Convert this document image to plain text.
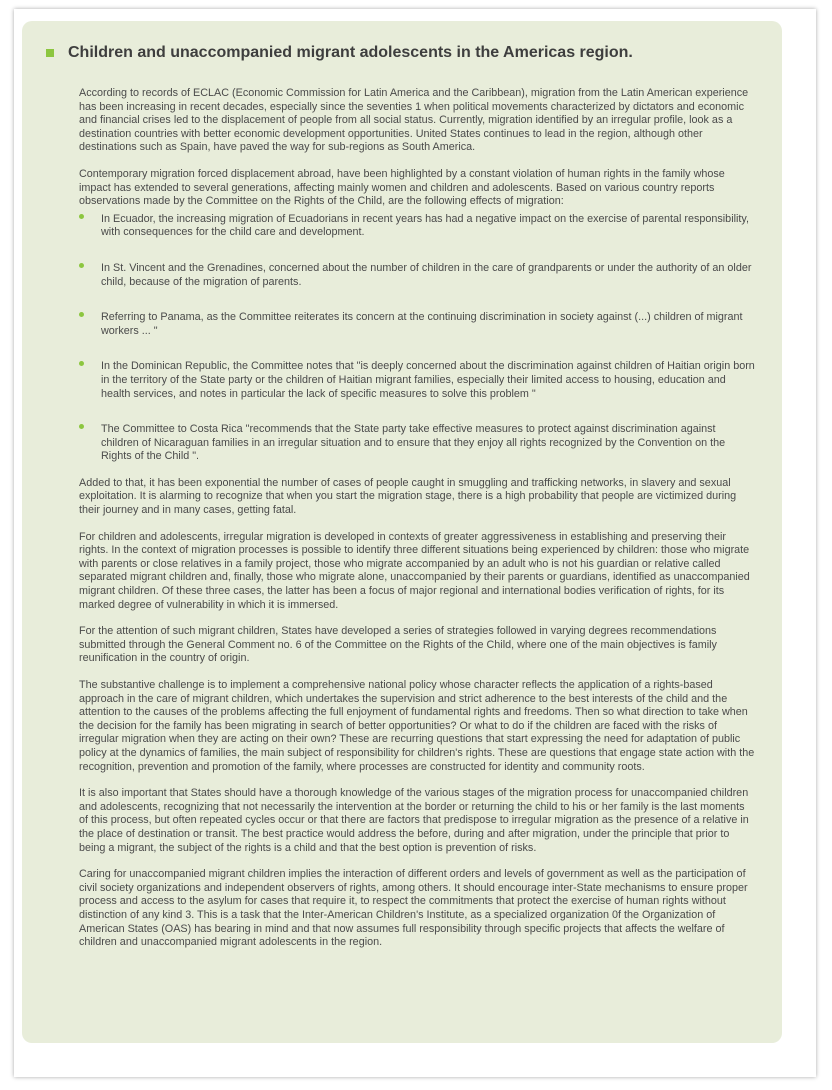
Children and unaccompanied migrant adolescents in the Americas region.

According to records of ECLAC (Economic Commission for Latin America and the Caribbean), migration from the Latin American experience has been increasing in recent decades, especially since the seventies 1 when political movements characterized by dictators and economic and financial crises led to the displacement of people from all social status. Currently, migration identified by an irregular profile, look as a destination countries with better economic development opportunities. United States continues to lead in the region, although other destinations such as Spain, have paved the way for sub-regions as South America.

Contemporary migration forced displacement abroad, have been highlighted by a constant violation of human rights in the family whose impact has extended to several generations, affecting mainly women and children and adolescents. Based on various country reports observations made by the Committee on the Rights of the Child, are the following effects of migration:

In Ecuador, the increasing migration of Ecuadorians in recent years has had a negative impact on the exercise of parental responsibility, with consequences for the child care and development.
In St. Vincent and the Grenadines, concerned about the number of children in the care of grandparents or under the authority of an older child, because of the migration of parents.
Referring to Panama, as the Committee reiterates its concern at the continuing discrimination in society against (...) children of migrant workers ... "
In the Dominican Republic, the Committee notes that "is deeply concerned about the discrimination against children of Haitian origin born in the territory of the State party or the children of Haitian migrant families, especially their limited access to housing, education and health services, and notes in particular the lack of specific measures to solve this problem "
The Committee to Costa Rica "recommends that the State party take effective measures to protect against discrimination against children of Nicaraguan families in an irregular situation and to ensure that they enjoy all rights recognized by the Convention on the Rights of the Child ".

Added to that, it has been exponential the number of cases of people caught in smuggling and trafficking networks, in slavery and sexual exploitation. It is alarming to recognize that when you start the migration stage, there is a high probability that people are victimized during their journey and in many cases, getting fatal.

For children and adolescents, irregular migration is developed in contexts of greater aggressiveness in establishing and preserving their rights. In the context of migration processes is possible to identify three different situations being experienced by children: those who migrate with parents or close relatives in a family project, those who migrate accompanied by an adult who is not his guardian or relative called separated migrant children and, finally, those who migrate alone, unaccompanied by their parents or guardians, identified as unaccompanied migrant children. Of these three cases, the latter has been a focus of major regional and international bodies verification of rights, for its marked degree of vulnerability in which it is immersed.

For the attention of such migrant children, States have developed a series of strategies followed in varying degrees recommendations submitted through the General Comment no. 6 of the Committee on the Rights of the Child, where one of the main objectives is family reunification in the country of origin.

The substantive challenge is to implement a comprehensive national policy whose character reflects the application of a rights-based approach in the care of migrant children, which undertakes the supervision and strict adherence to the best interests of the child and the attention to the causes of the problems affecting the full enjoyment of fundamental rights and freedoms. Then so what direction to take when the decision for the family has been migrating in search of better opportunities? Or what to do if the children are faced with the risks of irregular migration when they are acting on their own? These are recurring questions that start expressing the need for adaptation of public policy at the dynamics of families, the main subject of responsibility for children's rights. These are questions that engage state action with the recognition, prevention and promotion of the family, where processes are constructed for identity and community roots.

It is also important that States should have a thorough knowledge of the various stages of the migration process for unaccompanied children and adolescents, recognizing that not necessarily the intervention at the border or returning the child to his or her family is the last moments of this process, but often repeated cycles occur or that there are factors that predispose to irregular migration as the presence of a relative in the place of destination or transit. The best practice would address the before, during and after migration, under the principle that prior to being a migrant, the subject of the rights is a child and that the best option is prevention of risks.

Caring for unaccompanied migrant children implies the interaction of different orders and levels of government as well as the participation of civil society organizations and independent observers of rights, among others. It should encourage inter-State mechanisms to ensure proper process and access to the asylum for cases that require it, to respect the commitments that protect the exercise of human rights without distinction of any kind 3. This is a task that the Inter-American Children's Institute, as a specialized organization 0f the Organization of American States (OAS) has bearing in mind and that now assumes full responsibility through specific projects that affects the welfare of children and unaccompanied migrant adolescents in the region.
